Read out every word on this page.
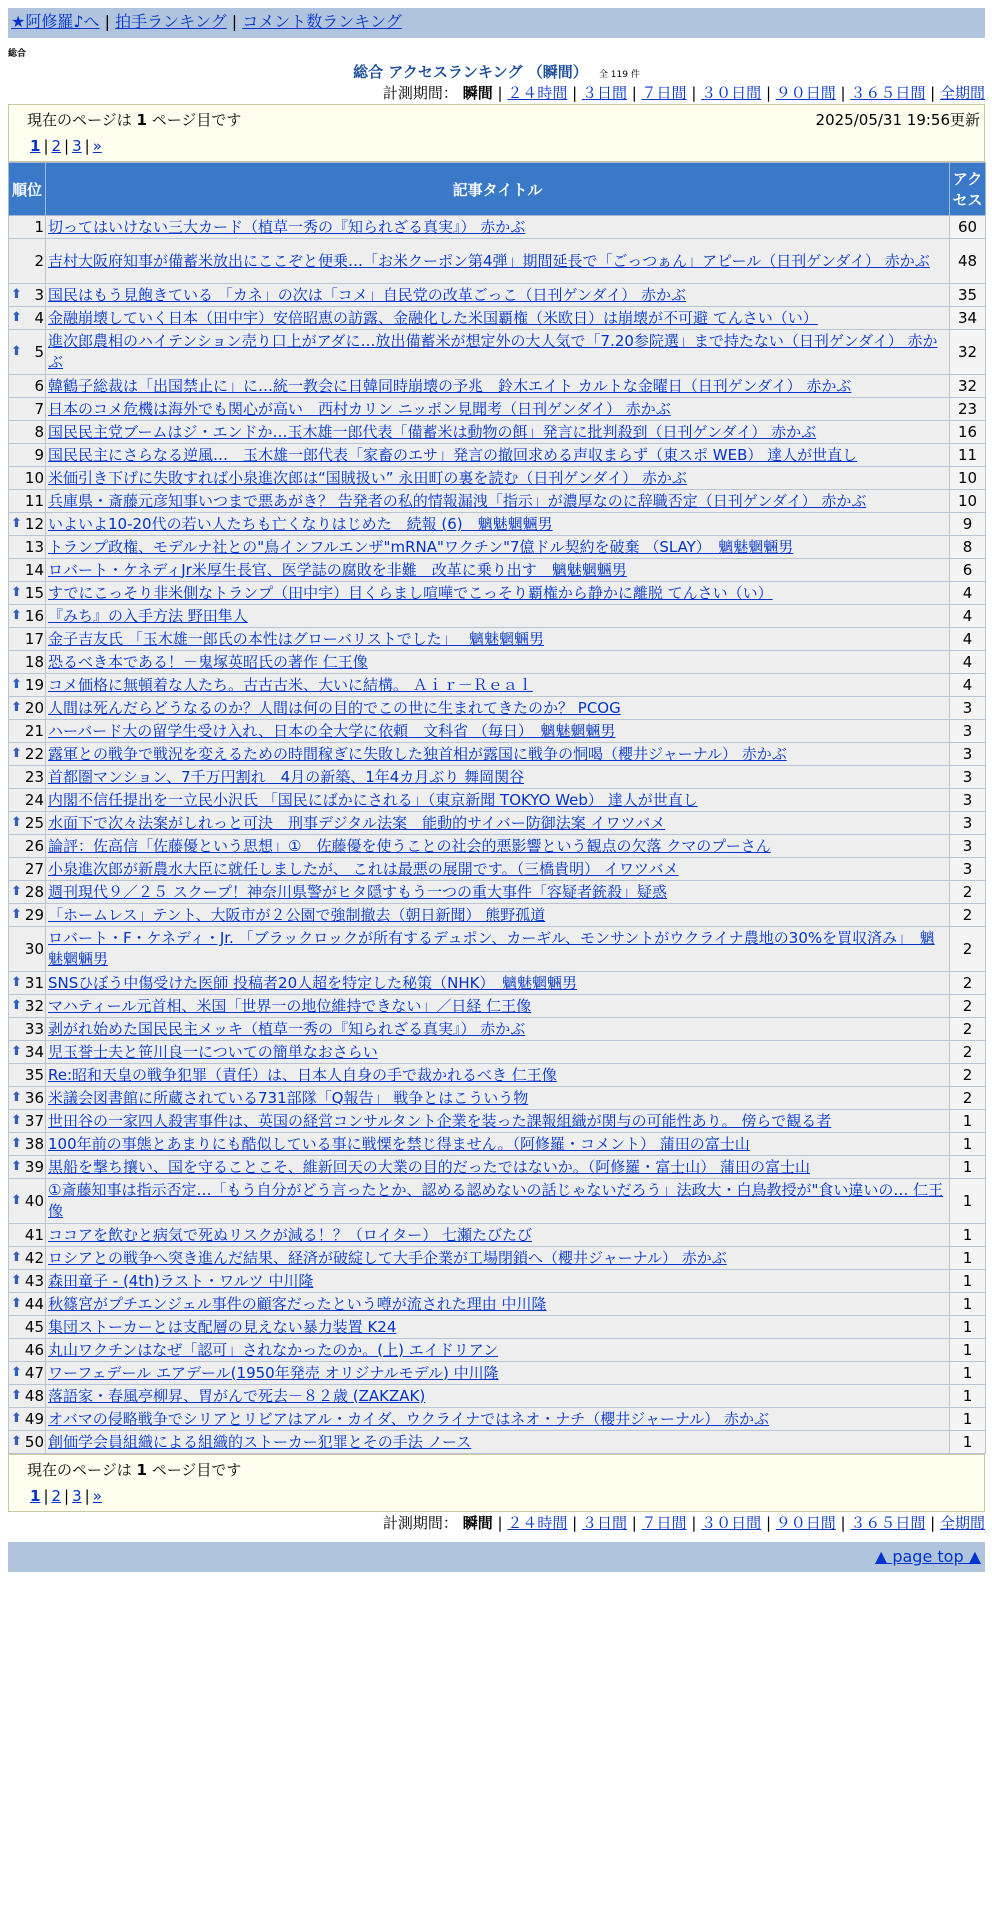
★阿修羅♪へ | 拍手ランキング | コメント数ランキング
総合
総合 アクセスランキング （瞬間） 全 119 件
計測期間： 瞬間 | ２４時間 | ３日間 | ７日間 | ３０日間 | ９０日間 | ３６５日間 | 全期間
現在のページは 1 ページ目です	2025/05/31 19:56更新
1 | 2 | 3 | »
順位	記事タイトル	アクセス
1	切ってはいけない三大カード（植草一秀の『知られざる真実』） 赤かぶ	60
2	吉村大阪府知事が備蓄米放出にここぞと便乗…「お米クーポン第4弾」期間延長で「ごっつぁん」アピール（日刊ゲンダイ） 赤かぶ	48

⬆ 3	国民はもう見飽きている 「カネ」の次は「コメ」自民党の改革ごっこ（日刊ゲンダイ） 赤かぶ	35

⬆ 4	金融崩壊していく日本（田中宇）安倍昭恵の訪露、金融化した米国覇権（米欧日）は崩壊が不可避 てんさい（い）	34

⬆ 5	進次郎農相のハイテンション売り口上がアダに…放出備蓄米が想定外の大人気で「7.20参院選」まで持たない（日刊ゲンダイ） 赤かぶ	32
6	韓鶴子総裁は「出国禁止に」に…統一教会に日韓同時崩壊の予兆　鈴木エイト カルトな金曜日（日刊ゲンダイ） 赤かぶ	32
7	日本のコメ危機は海外でも関心が高い　西村カリン ニッポン見聞考（日刊ゲンダイ） 赤かぶ	23
8	国民民主党ブームはジ・エンドか…玉木雄一郎代表「備蓄米は動物の餌」発言に批判殺到（日刊ゲンダイ） 赤かぶ	16
9	国民民主にさらなる逆風…　玉木雄一郎代表「家畜のエサ」発言の撤回求める声収まらず（東スポ WEB） 達人が世直し	11
10	米価引き下げに失敗すれば小泉進次郎は“国賊扱い” 永田町の裏を読む（日刊ゲンダイ） 赤かぶ	10
11	兵庫県・斎藤元彦知事いつまで悪あがき？ 告発者の私的情報漏洩「指示」が濃厚なのに辞職否定（日刊ゲンダイ） 赤かぶ	10

⬆ 12	いよいよ10-20代の若い人たちも亡くなりはじめた　続報 (6)　魑魅魍魎男	9
13	トランプ政権、モデルナ社との"鳥インフルエンザ"mRNA"ワクチン"7億ドル契約を破棄 （SLAY）　魑魅魍魎男	8
14	ロバート・ケネディJr米厚生長官、医学誌の腐敗を非難　改革に乗り出す　魑魅魍魎男	6

⬆ 15	すでにこっそり非米側なトランプ（田中宇）目くらまし喧嘩でこっそり覇権から静かに離脱 てんさい（い）	4

⬆ 16	『みち』の入手方法 野田隼人	4
17	金子吉友氏 「玉木雄一郎氏の本性はグローバリストでした」　 魑魅魍魎男	4
18	恐るべき本である！－鬼塚英昭氏の著作 仁王像	4

⬆ 19	コメ価格に無頓着な人たち。古古古米、大いに結構。 Ａｉｒ－Ｒｅａｌ	4

⬆ 20	人間は死んだらどうなるのか？人間は何の目的でこの世に生まれてきたのか？ PCOG	3
21	ハーバード大の留学生受け入れ、日本の全大学に依頼　文科省 （毎日）　魑魅魍魎男	3

⬆ 22	露軍との戦争で戦況を変えるための時間稼ぎに失敗した独首相が露国に戦争の恫喝（櫻井ジャーナル） 赤かぶ	3
23	首都圏マンション、7千万円割れ　4月の新築、1年4カ月ぶり 舞岡関谷	3
24	内閣不信任提出を一立民小沢氏 「国民にばかにされる」（東京新聞 TOKYO Web） 達人が世直し	3

⬆ 25	水面下で次々法案がしれっと可決　刑事デジタル法案　能動的サイバー防御法案 イワツバメ	3
26	論評：佐高信「佐藤優という思想」①　佐藤優を使うことの社会的悪影響という観点の欠落 クマのプーさん	3
27	小泉進次郎が新農水大臣に就任しましたが、 これは最悪の展開です。（三橋貴明） イワツバメ	3

⬆ 28	週刊現代９／２５ スクープ！神奈川県警がヒタ隠すもう一つの重大事件「容疑者銃殺」疑惑	2

⬆ 29	「ホームレス」テント、大阪市が２公園で強制撤去（朝日新聞） 熊野孤道	2
30	ロバート・F・ケネディ・Jr. 「ブラックロックが所有するデュポン、カーギル、モンサントがウクライナ農地の30%を買収済み」　魑魅魍魎男	2

⬆ 31	SNSひぼう中傷受けた医師 投稿者20人超を特定した秘策（NHK）　魑魅魍魎男	2

⬆ 32	マハティール元首相、米国「世界一の地位維持できない」／日経 仁王像	2
33	剥がれ始めた国民民主メッキ（植草一秀の『知られざる真実』） 赤かぶ	2

⬆ 34	児玉誉士夫と笹川良一についての簡単なおさらい	2
35	Re:昭和天皇の戦争犯罪（責任）は、日本人自身の手で裁かれるべき 仁王像	2

⬆ 36	米議会図書館に所蔵されている731部隊「Q報告」 戦争とはこういう物	2

⬆ 37	世田谷の一家四人殺害事件は、英国の経営コンサルタント企業を装った課報組織が関与の可能性あり。 傍らで観る者	1

⬆ 38	100年前の事態とあまりにも酷似している事に戦慄を禁じ得ません。（阿修羅・コメント） 蒲田の富士山	1

⬆ 39	黒船を撃ち攘い、国を守ることこそ、維新回天の大業の目的だったではないか。（阿修羅・富士山） 蒲田の富士山	1

⬆ 40	①斎藤知事は指示否定…「もう自分がどう言ったとか、認める認めないの話じゃないだろう」法政大・白鳥教授が"食い違いの… 仁王像	1
41	ココアを飲むと病気で死ぬリスクが減る！？（ロイター） 七瀬たびたび	1

⬆ 42	ロシアとの戦争へ突き進んだ結果、経済が破綻して大手企業が工場閉鎖へ（櫻井ジャーナル） 赤かぶ	1

⬆ 43	森田童子 - (4th)ラスト・ワルツ 中川隆	1

⬆ 44	秋篠宮がプチエンジェル事件の顧客だったという噂が流された理由 中川隆	1
45	集団ストーカーとは支配層の見えない暴力装置 K24	1
46	丸山ワクチンはなぜ「認可」されなかったのか。(上) エイドリアン	1

⬆ 47	ワーフェデール エアデール(1950年発売 オリジナルモデル) 中川隆	1

⬆ 48	落語家・春風亭柳昇、胃がんで死去－８２歳 (ZAKZAK)	1

⬆ 49	オバマの侵略戦争でシリアとリビアはアル・カイダ、ウクライナではネオ・ナチ（櫻井ジャーナル） 赤かぶ	1

⬆ 50	創価学会員組織による組織的ストーカー犯罪とその手法 ノース	1
現在のページは 1 ページ目です
1 | 2 | 3 | »
計測期間： 瞬間 | ２４時間 | ３日間 | ７日間 | ３０日間 | ９０日間 | ３６５日間 | 全期間
▲ page top ▲
